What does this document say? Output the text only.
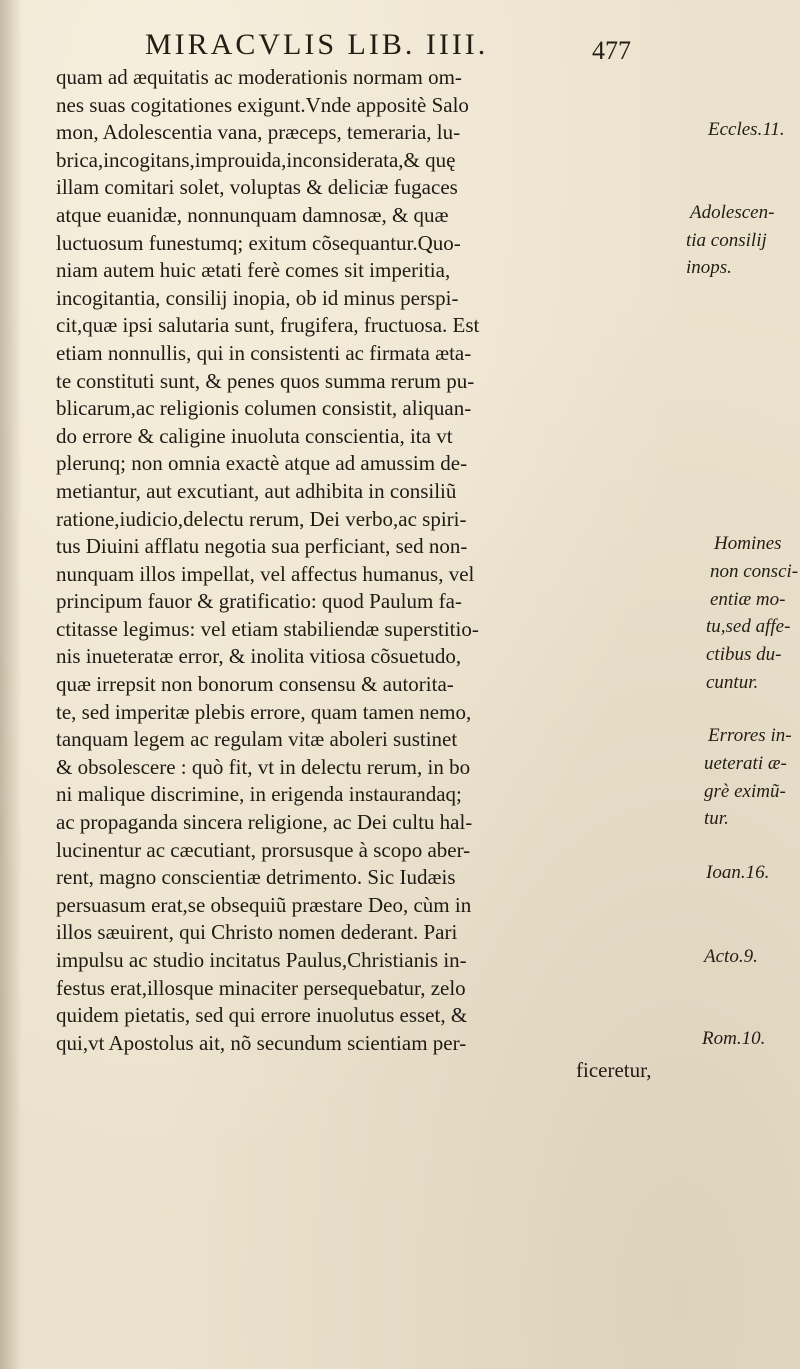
MIRACVLIS LIB. IIII.	477
quam ad æquitatis ac moderationis normam om-
nes suas cogitationes exigunt.Vnde appositè Salo
mon, Adolescentia vana, præceps, temeraria, lu-
brica,incogitans,improuida,inconsiderata,& quę
illam comitari solet, voluptas & deliciæ fugaces
atque euanidæ, nonnunquam damnosæ, & quæ
luctuosum funestumq; exitum cõsequantur.Quo-
niam autem huic ætati ferè comes sit imperitia,
incogitantia, consilij inopia, ob id minus perspi-
cit,quæ ipsi salutaria sunt, frugifera, fructuosa. Est
etiam nonnullis, qui in consistenti ac firmata æta-
te constituti sunt, & penes quos summa rerum pu-
blicarum,ac religionis columen consistit, aliquan-
do errore & caligine inuoluta conscientia, ita vt
plerunq; non omnia exactè atque ad amussim de-
metiantur, aut excutiant, aut adhibita in consiliũ
ratione,iudicio,delectu rerum, Dei verbo,ac spiri-
tus Diuini afflatu negotia sua perficiant, sed non-
nunquam illos impellat, vel affectus humanus, vel
principum fauor & gratificatio: quod Paulum fa-
ctitasse legimus: vel etiam stabiliendæ superstitio-
nis inueteratæ error, & inolita vitiosa cõsuetudo,
quæ irrepsit non bonorum consensu & autorita-
te, sed imperitæ plebis errore, quam tamen nemo,
tanquam legem ac regulam vitæ aboleri sustinet
& obsolescere : quò fit, vt in delectu rerum, in bo
ni malique discrimine, in erigenda instaurandaq;
ac propaganda sincera religione, ac Dei cultu hal-
lucinentur ac cæcutiant, prorsusque à scopo aber-
rent, magno conscientiæ detrimento. Sic Iudæis
persuasum erat,se obsequiũ præstare Deo, cùm in
illos sæuirent, qui Christo nomen dederant. Pari
impulsu ac studio incitatus Paulus,Christianis in-
festus erat,illosque minaciter persequebatur, zelo
quidem pietatis, sed qui errore inuolutus esset, &
qui,vt Apostolus ait, nõ secundum scientiam per-
ficeretur,
Eccles.11.
Adolescen-
tia consilij
inops.
Homines
non consci-
entiæ mo-
tu,sed affe-
ctibus du-
cuntur.
Errores in-
ueterati æ-
grè eximũ-
tur.
Ioan.16.
Acto.9.
Rom.10.
